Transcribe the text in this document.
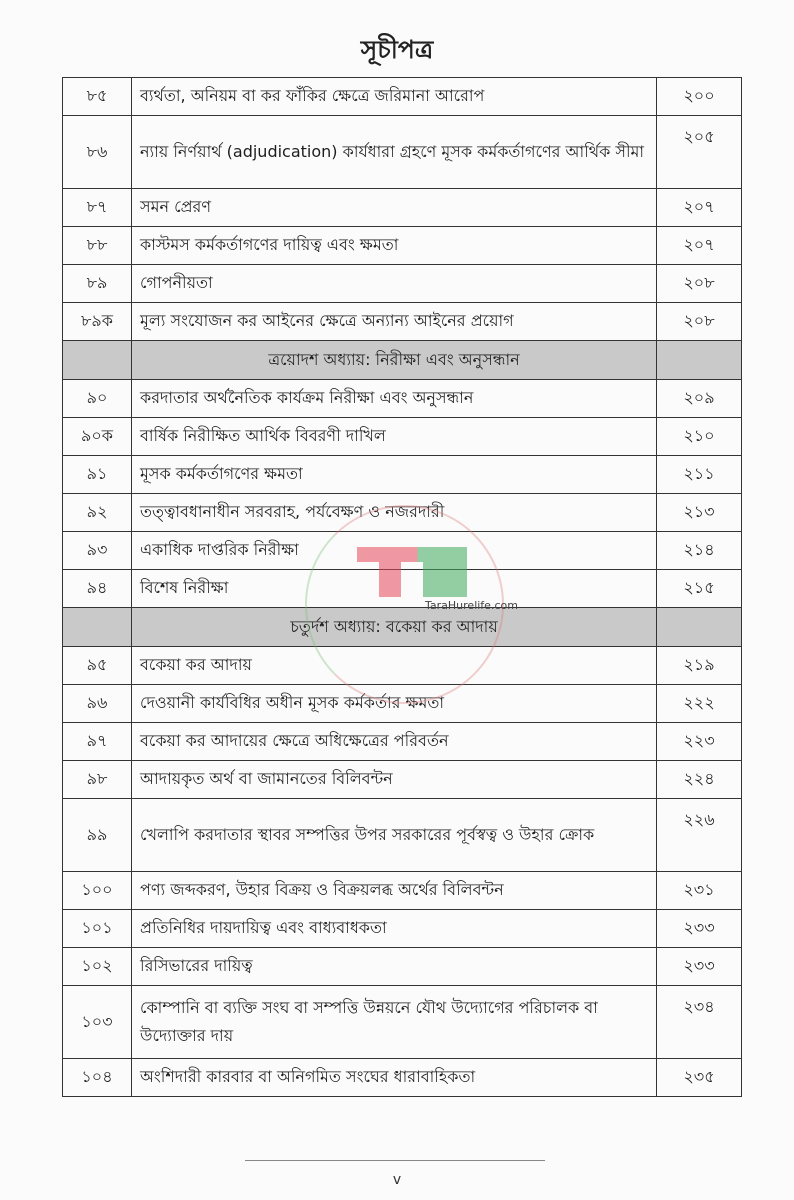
সূচীপত্র
৮৫	ব্যর্থতা, অনিয়ম বা কর ফাঁকির ক্ষেত্রে জরিমানা আরোপ	২০০
৮৬	ন্যায় নির্ণয়ার্থ (adjudication) কার্যধারা গ্রহণে মূসক কর্মকর্তাগণের আর্থিক সীমা	২০৫
৮৭	সমন প্রেরণ	২০৭
৮৮	কাস্টমস কর্মকর্তাগণের দায়িত্ব এবং ক্ষমতা	২০৭
৮৯	গোপনীয়তা	২০৮
৮৯ক	মূল্য সংযোজন কর আইনের ক্ষেত্রে অন্যান্য আইনের প্রয়োগ	২০৮
	ত্রয়োদশ অধ্যায়: নিরীক্ষা এবং অনুসন্ধান	
৯০	করদাতার অর্থনৈতিক কার্যক্রম নিরীক্ষা এবং অনুসন্ধান	২০৯
৯০ক	বার্ষিক নিরীক্ষিত আর্থিক বিবরণী দাখিল	২১০
৯১	মূসক কর্মকর্তাগণের ক্ষমতা	২১১
৯২	তত্ত্বাবধানাধীন সরবরাহ, পর্যবেক্ষণ ও নজরদারী	২১৩
৯৩	একাধিক দাপ্তরিক নিরীক্ষা	২১৪
৯৪	বিশেষ নিরীক্ষা	২১৫
	চতুর্দশ অধ্যায়: বকেয়া কর আদায়	
৯৫	বকেয়া কর আদায়	২১৯
৯৬	দেওয়ানী কার্যবিধির অধীন মূসক কর্মকর্তার ক্ষমতা	২২২
৯৭	বকেয়া কর আদায়ের ক্ষেত্রে অধিক্ষেত্রের পরিবর্তন	২২৩
৯৮	আদায়কৃত অর্থ বা জামানতের বিলিবন্টন	২২৪
৯৯	খেলাপি করদাতার স্থাবর সম্পত্তির উপর সরকারের পূর্বস্বত্ব ও উহার ক্রোক	২২৬
১০০	পণ্য জব্দকরণ, উহার বিক্রয় ও বিক্রয়লব্ধ অর্থের বিলিবন্টন	২৩১
১০১	প্রতিনিধির দায়দায়িত্ব এবং বাধ্যবাধকতা	২৩৩
১০২	রিসিভারের দায়িত্ব	২৩৩
১০৩	কোম্পানি বা ব্যক্তি সংঘ বা সম্পত্তি উন্নয়নে যৌথ উদ্যোগের পরিচালক বা উদ্যোক্তার দায়	২৩৪
১০৪	অংশিদারী কারবার বা অনিগমিত সংঘের ধারাবাহিকতা	২৩৫
TaraHurelife.com
v
